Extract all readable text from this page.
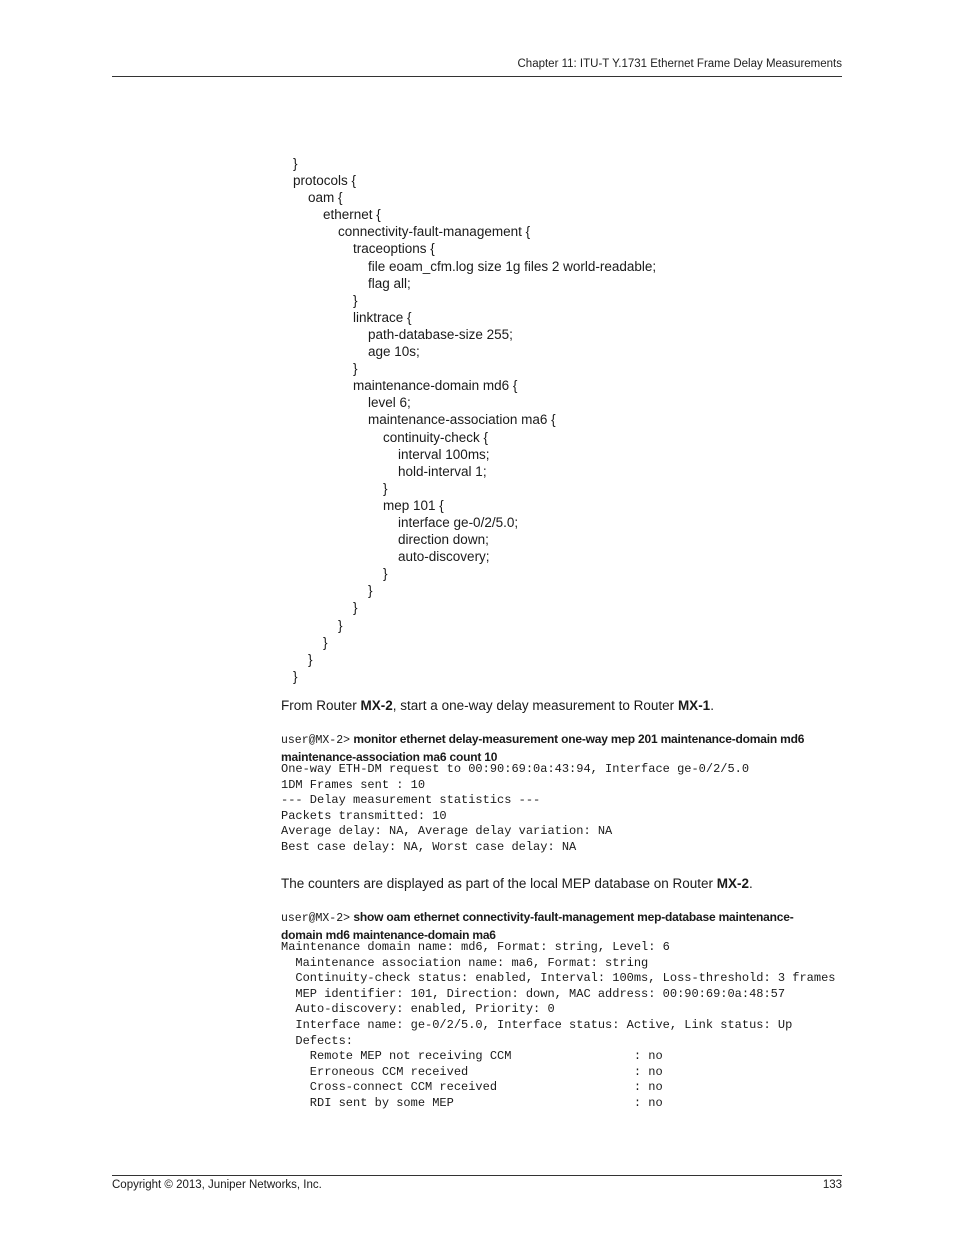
Chapter 11: ITU-T Y.1731 Ethernet Frame Delay Measurements
}
protocols {
oam {
ethernet {
connectivity-fault-management {
traceoptions {
file eoam_cfm.log size 1g files 2 world-readable;
flag all;
}
linktrace {
path-database-size 255;
age 10s;
}
maintenance-domain md6 {
level 6;
maintenance-association ma6 {
continuity-check {
interval 100ms;
hold-interval 1;
}
mep 101 {
interface ge-0/2/5.0;
direction down;
auto-discovery;
}
}
}
}
}
}
}

From Router MX-2, start a one-way delay measurement to Router MX-1.

user@MX-2> monitor ethernet delay-measurement one-way mep 201 maintenance-domain md6 maintenance-association ma6 count 10
One-way ETH-DM request to 00:90:69:0a:43:94, Interface ge-0/2/5.0
1DM Frames sent : 10
--- Delay measurement statistics ---
Packets transmitted: 10
Average delay: NA, Average delay variation: NA
Best case delay: NA, Worst case delay: NA

The counters are displayed as part of the local MEP database on Router MX-2.

user@MX-2> show oam ethernet connectivity-fault-management mep-database maintenance-domain md6 maintenance-domain ma6
Maintenance domain name: md6, Format: string, Level: 6
Maintenance association name: ma6, Format: string
Continuity-check status: enabled, Interval: 100ms, Loss-threshold: 3 frames
MEP identifier: 101, Direction: down, MAC address: 00:90:69:0a:48:57
Auto-discovery: enabled, Priority: 0
Interface name: ge-0/2/5.0, Interface status: Active, Link status: Up
Defects:
Remote MEP not receiving CCM                 : no
Erroneous CCM received                       : no
Cross-connect CCM received                   : no
RDI sent by some MEP                         : no
Copyright © 2013, Juniper Networks, Inc.	133
